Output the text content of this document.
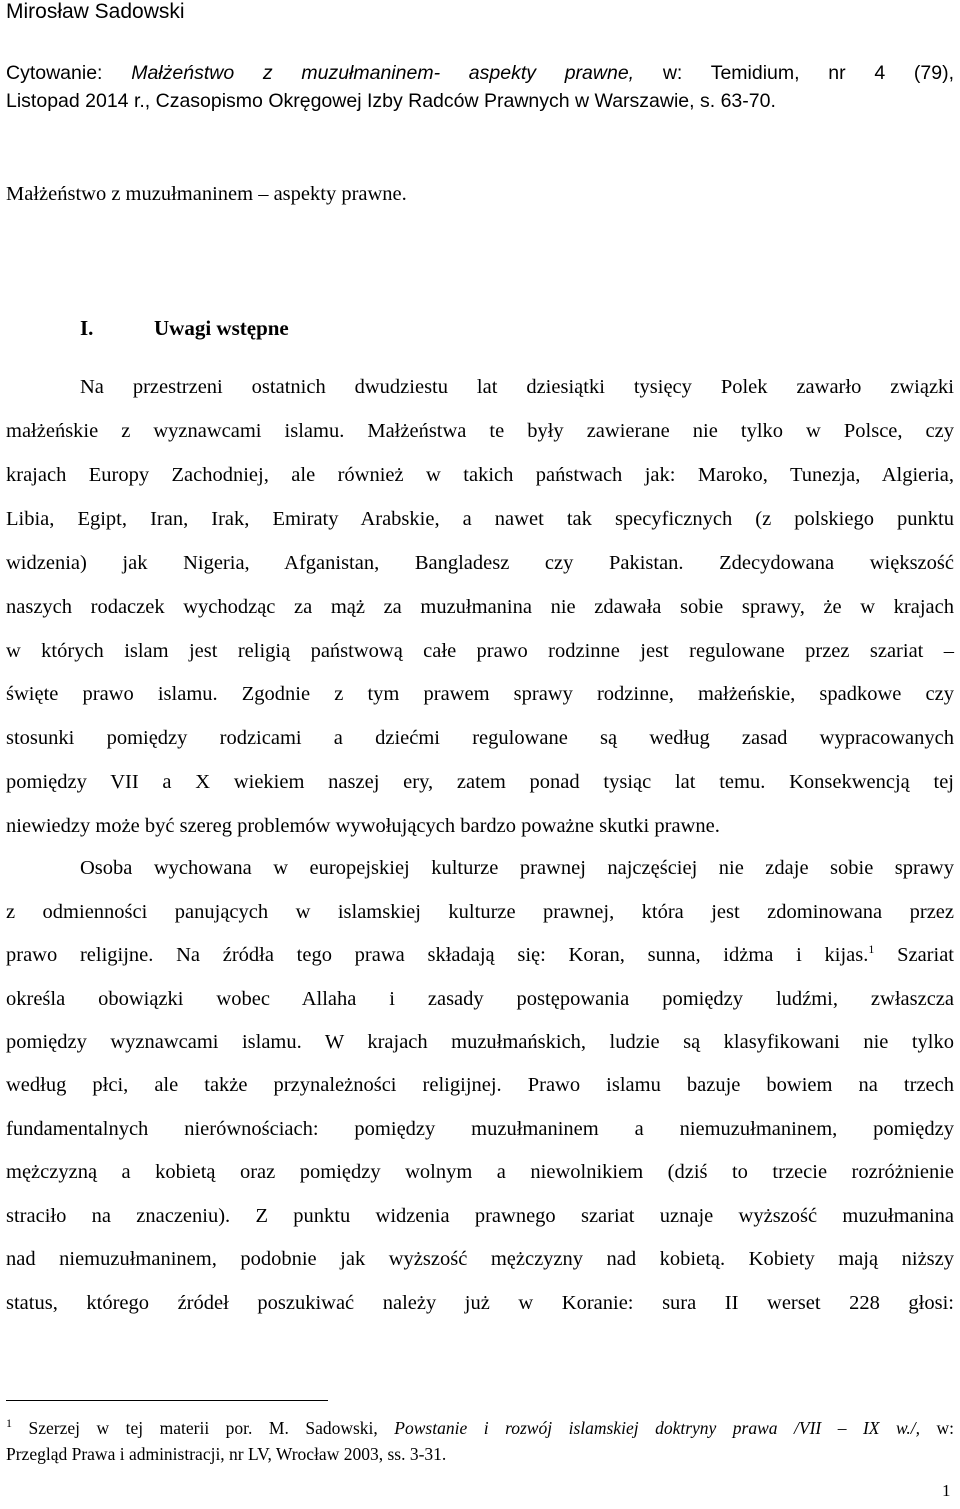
Mirosław Sadowski
Cytowanie: Małżeństwo z muzułmaninem- aspekty prawne, w: Temidium, nr 4 (79),
Listopad 2014 r., Czasopismo Okręgowej Izby Radców Prawnych w Warszawie, s. 63-70.
Małżeństwo z muzułmaninem – aspekty prawne.
I.	Uwagi wstępne
Na przestrzeni ostatnich dwudziestu lat dziesiątki tysięcy Polek zawarło związki
małżeńskie z wyznawcami islamu. Małżeństwa te były zawierane nie tylko w Polsce, czy
krajach Europy Zachodniej, ale również w takich państwach jak: Maroko, Tunezja, Algieria,
Libia, Egipt, Iran, Irak, Emiraty Arabskie, a nawet tak specyficznych (z polskiego punktu
widzenia) jak Nigeria, Afganistan, Bangladesz czy Pakistan. Zdecydowana większość
naszych rodaczek wychodząc za mąż za muzułmanina nie zdawała sobie sprawy, że w krajach
w których islam jest religią państwową całe prawo rodzinne jest regulowane przez szariat –
święte prawo islamu. Zgodnie z tym prawem sprawy rodzinne, małżeńskie, spadkowe czy
stosunki pomiędzy rodzicami a dziećmi regulowane są według zasad wypracowanych
pomiędzy VII a X wiekiem naszej ery, zatem ponad tysiąc lat temu. Konsekwencją tej
niewiedzy może być szereg problemów wywołujących bardzo poważne skutki prawne.
Osoba wychowana w europejskiej kulturze prawnej najczęściej nie zdaje sobie sprawy
z odmienności panujących w islamskiej kulturze prawnej, która jest zdominowana przez
prawo religijne. Na źródła tego prawa składają się: Koran, sunna, idżma i kijas.$^1$ Szariat
określa obowiązki wobec Allaha i zasady postępowania pomiędzy ludźmi, zwłaszcza
pomiędzy wyznawcami islamu. W krajach muzułmańskich, ludzie są klasyfikowani nie tylko
według płci, ale także przynależności religijnej. Prawo islamu bazuje bowiem na trzech
fundamentalnych nierównościach: pomiędzy muzułmaninem a niemuzułmaninem, pomiędzy
mężczyzną a kobietą oraz pomiędzy wolnym a niewolnikiem (dziś to trzecie rozróżnienie
straciło na znaczeniu). Z punktu widzenia prawnego szariat uznaje wyższość muzułmanina
nad niemuzułmaninem, podobnie jak wyższość mężczyzny nad kobietą. Kobiety mają niższy
status, którego źródeł poszukiwać należy już w Koranie: sura II werset 228 głosi:
$^1$ Szerzej w tej materii por. M. Sadowski, Powstanie i rozwój islamskiej doktryny prawa /VII – IX w./, w:
Przegląd Prawa i administracji, nr LV, Wrocław 2003, ss. 3-31.
1
